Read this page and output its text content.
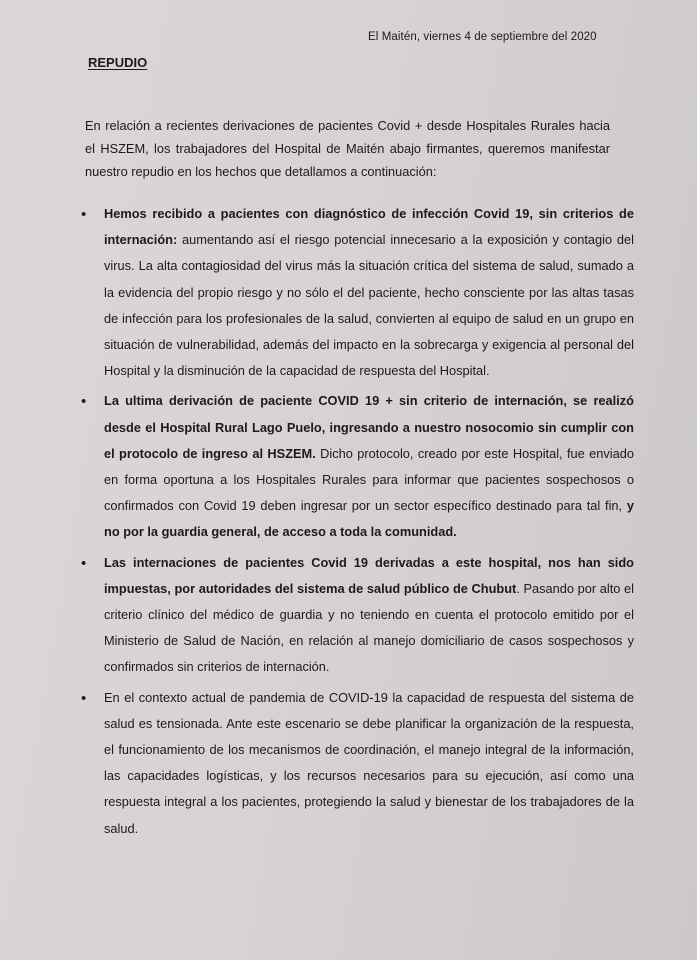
El Maitén, viernes 4 de septiembre del 2020
REPUDIO

En relación a recientes derivaciones de pacientes Covid + desde Hospitales Rurales hacia el HSZEM, los trabajadores del Hospital de Maitén abajo firmantes, queremos manifestar nuestro repudio en los hechos que detallamos a continuación:

• Hemos recibido a pacientes con diagnóstico de infección Covid 19, sin criterios de internación: aumentando así el riesgo potencial innecesario a la exposición y contagio del virus. La alta contagiosidad del virus más la situación crítica del sistema de salud, sumado a la evidencia del propio riesgo y no sólo el del paciente, hecho consciente por las altas tasas de infección para los profesionales de la salud, convierten al equipo de salud en un grupo en situación de vulnerabilidad, además del impacto en la sobrecarga y exigencia al personal del Hospital y la disminución de la capacidad de respuesta del Hospital.
• La ultima derivación de paciente COVID 19 + sin criterio de internación, se realizó desde el Hospital Rural Lago Puelo, ingresando a nuestro nosocomio sin cumplir con el protocolo de ingreso al HSZEM. Dicho protocolo, creado por este Hospital, fue enviado en forma oportuna a los Hospitales Rurales para informar que pacientes sospechosos o confirmados con Covid 19 deben ingresar por un sector específico destinado para tal fin, y no por la guardia general, de acceso a toda la comunidad.
• Las internaciones de pacientes Covid 19 derivadas a este hospital, nos han sido impuestas, por autoridades del sistema de salud público de Chubut. Pasando por alto el criterio clínico del médico de guardia y no teniendo en cuenta el protocolo emitido por el Ministerio de Salud de Nación, en relación al manejo domiciliario de casos sospechosos y confirmados sin criterios de internación.
• En el contexto actual de pandemia de COVID-19 la capacidad de respuesta del sistema de salud es tensionada. Ante este escenario se debe planificar la organización de la respuesta, el funcionamiento de los mecanismos de coordinación, el manejo integral de la información, las capacidades logísticas, y los recursos necesarios para su ejecución, así como una respuesta integral a los pacientes, protegiendo la salud y bienestar de los trabajadores de la salud.
